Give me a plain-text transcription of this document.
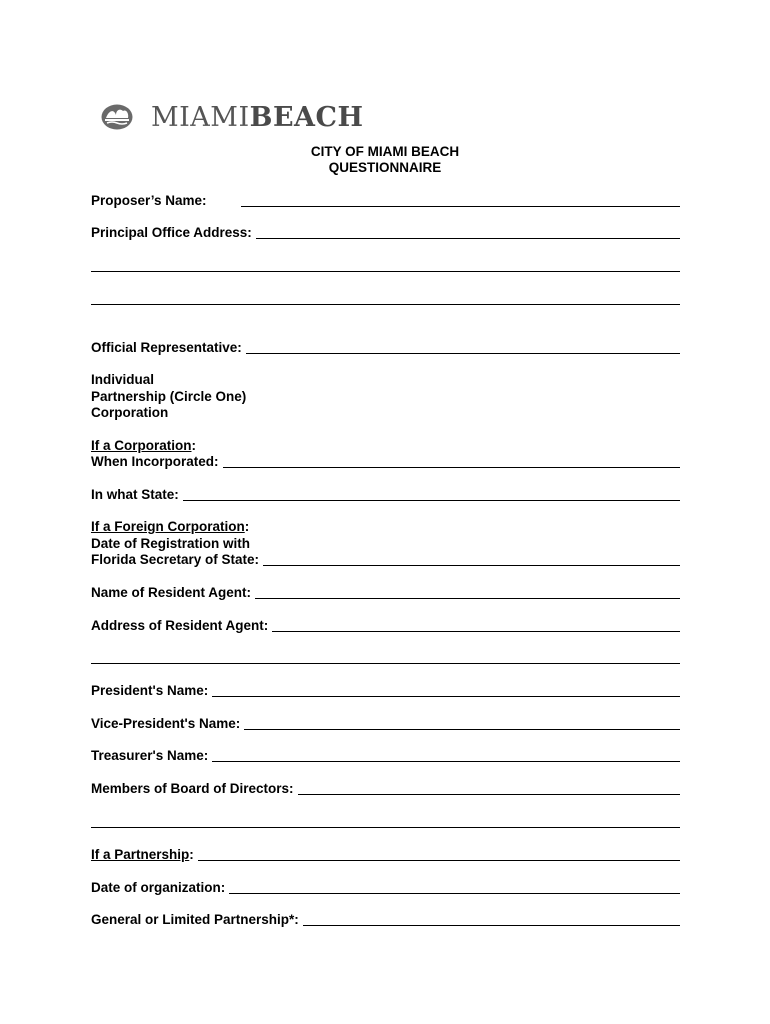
MIAMIBEACH
CITY OF MIAMI BEACH
QUESTIONNAIRE
Proposer’s Name:
Principal Office Address:
Official Representative:
Individual
Partnership (Circle One)
Corporation
If a Corporation:
When Incorporated:
In what State:
If a Foreign Corporation:
Date of Registration with
Florida Secretary of State:
Name of Resident Agent:
Address of Resident Agent:
President's Name:
Vice-President's Name:
Treasurer's Name:
Members of Board of Directors:
If a Partnership:
Date of organization:
General or Limited Partnership*:
